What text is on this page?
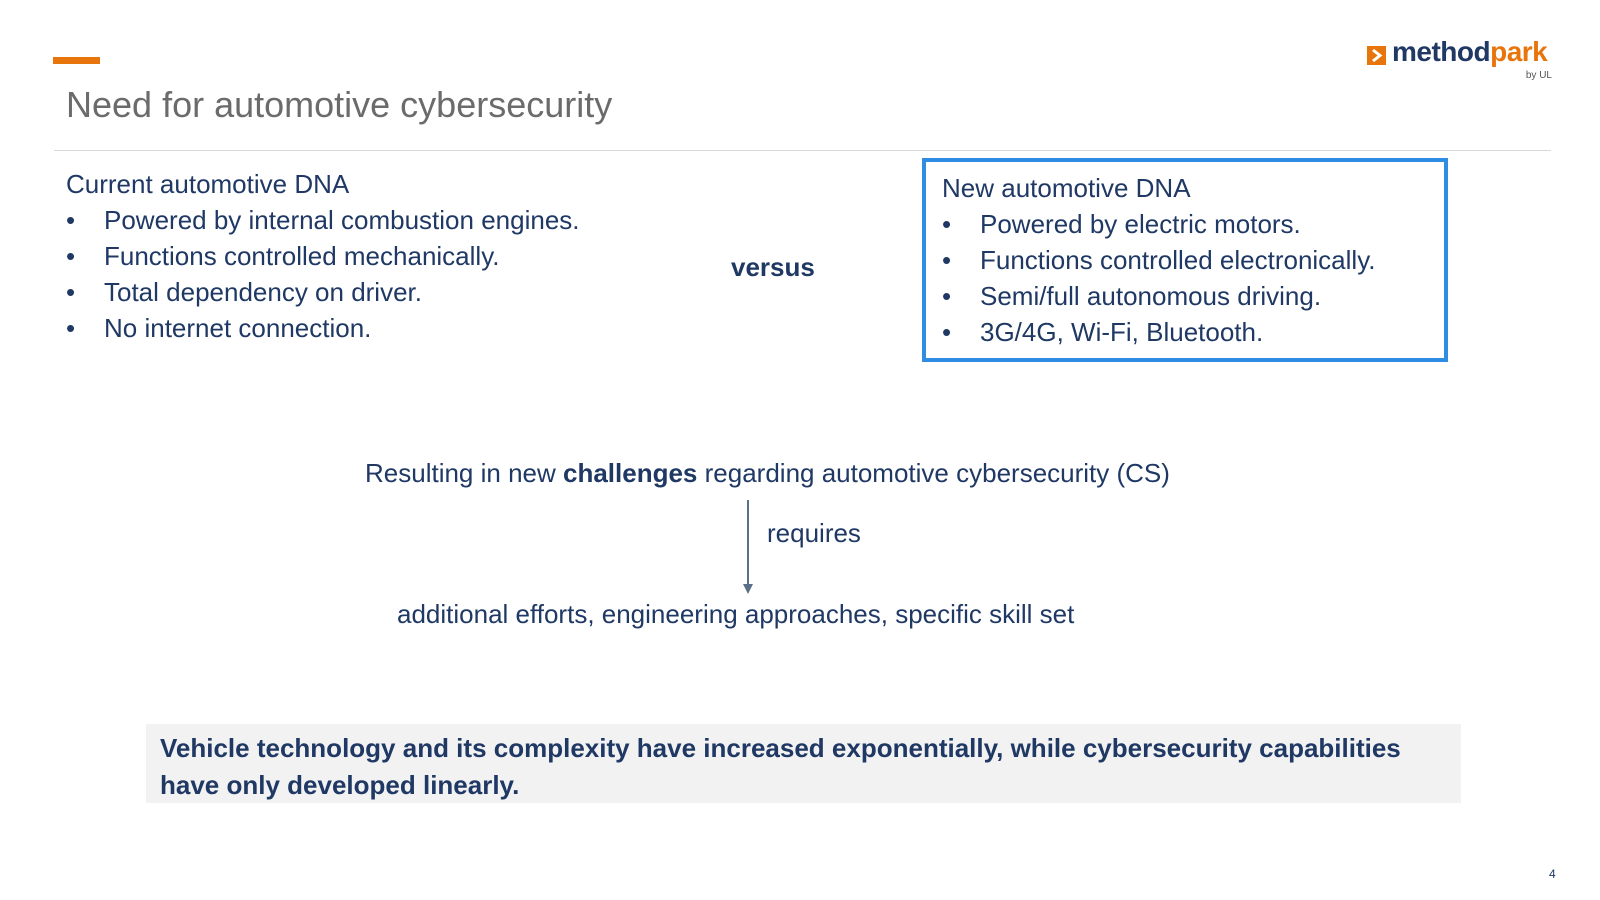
Need for automotive cybersecurity
methodpark
by UL
Current automotive DNA
•	Powered by internal combustion engines.
•	Functions controlled mechanically.
•	Total dependency on driver.
•	No internet connection.
versus
New automotive DNA
•	Powered by electric motors.
•	Functions controlled electronically.
•	Semi/full autonomous driving.
•	3G/4G, Wi-Fi, Bluetooth.
Resulting in new challenges regarding automotive cybersecurity (CS)
requires
additional efforts, engineering approaches, specific skill set
Vehicle technology and its complexity have increased exponentially, while cybersecurity capabilities
have only developed linearly.
4
